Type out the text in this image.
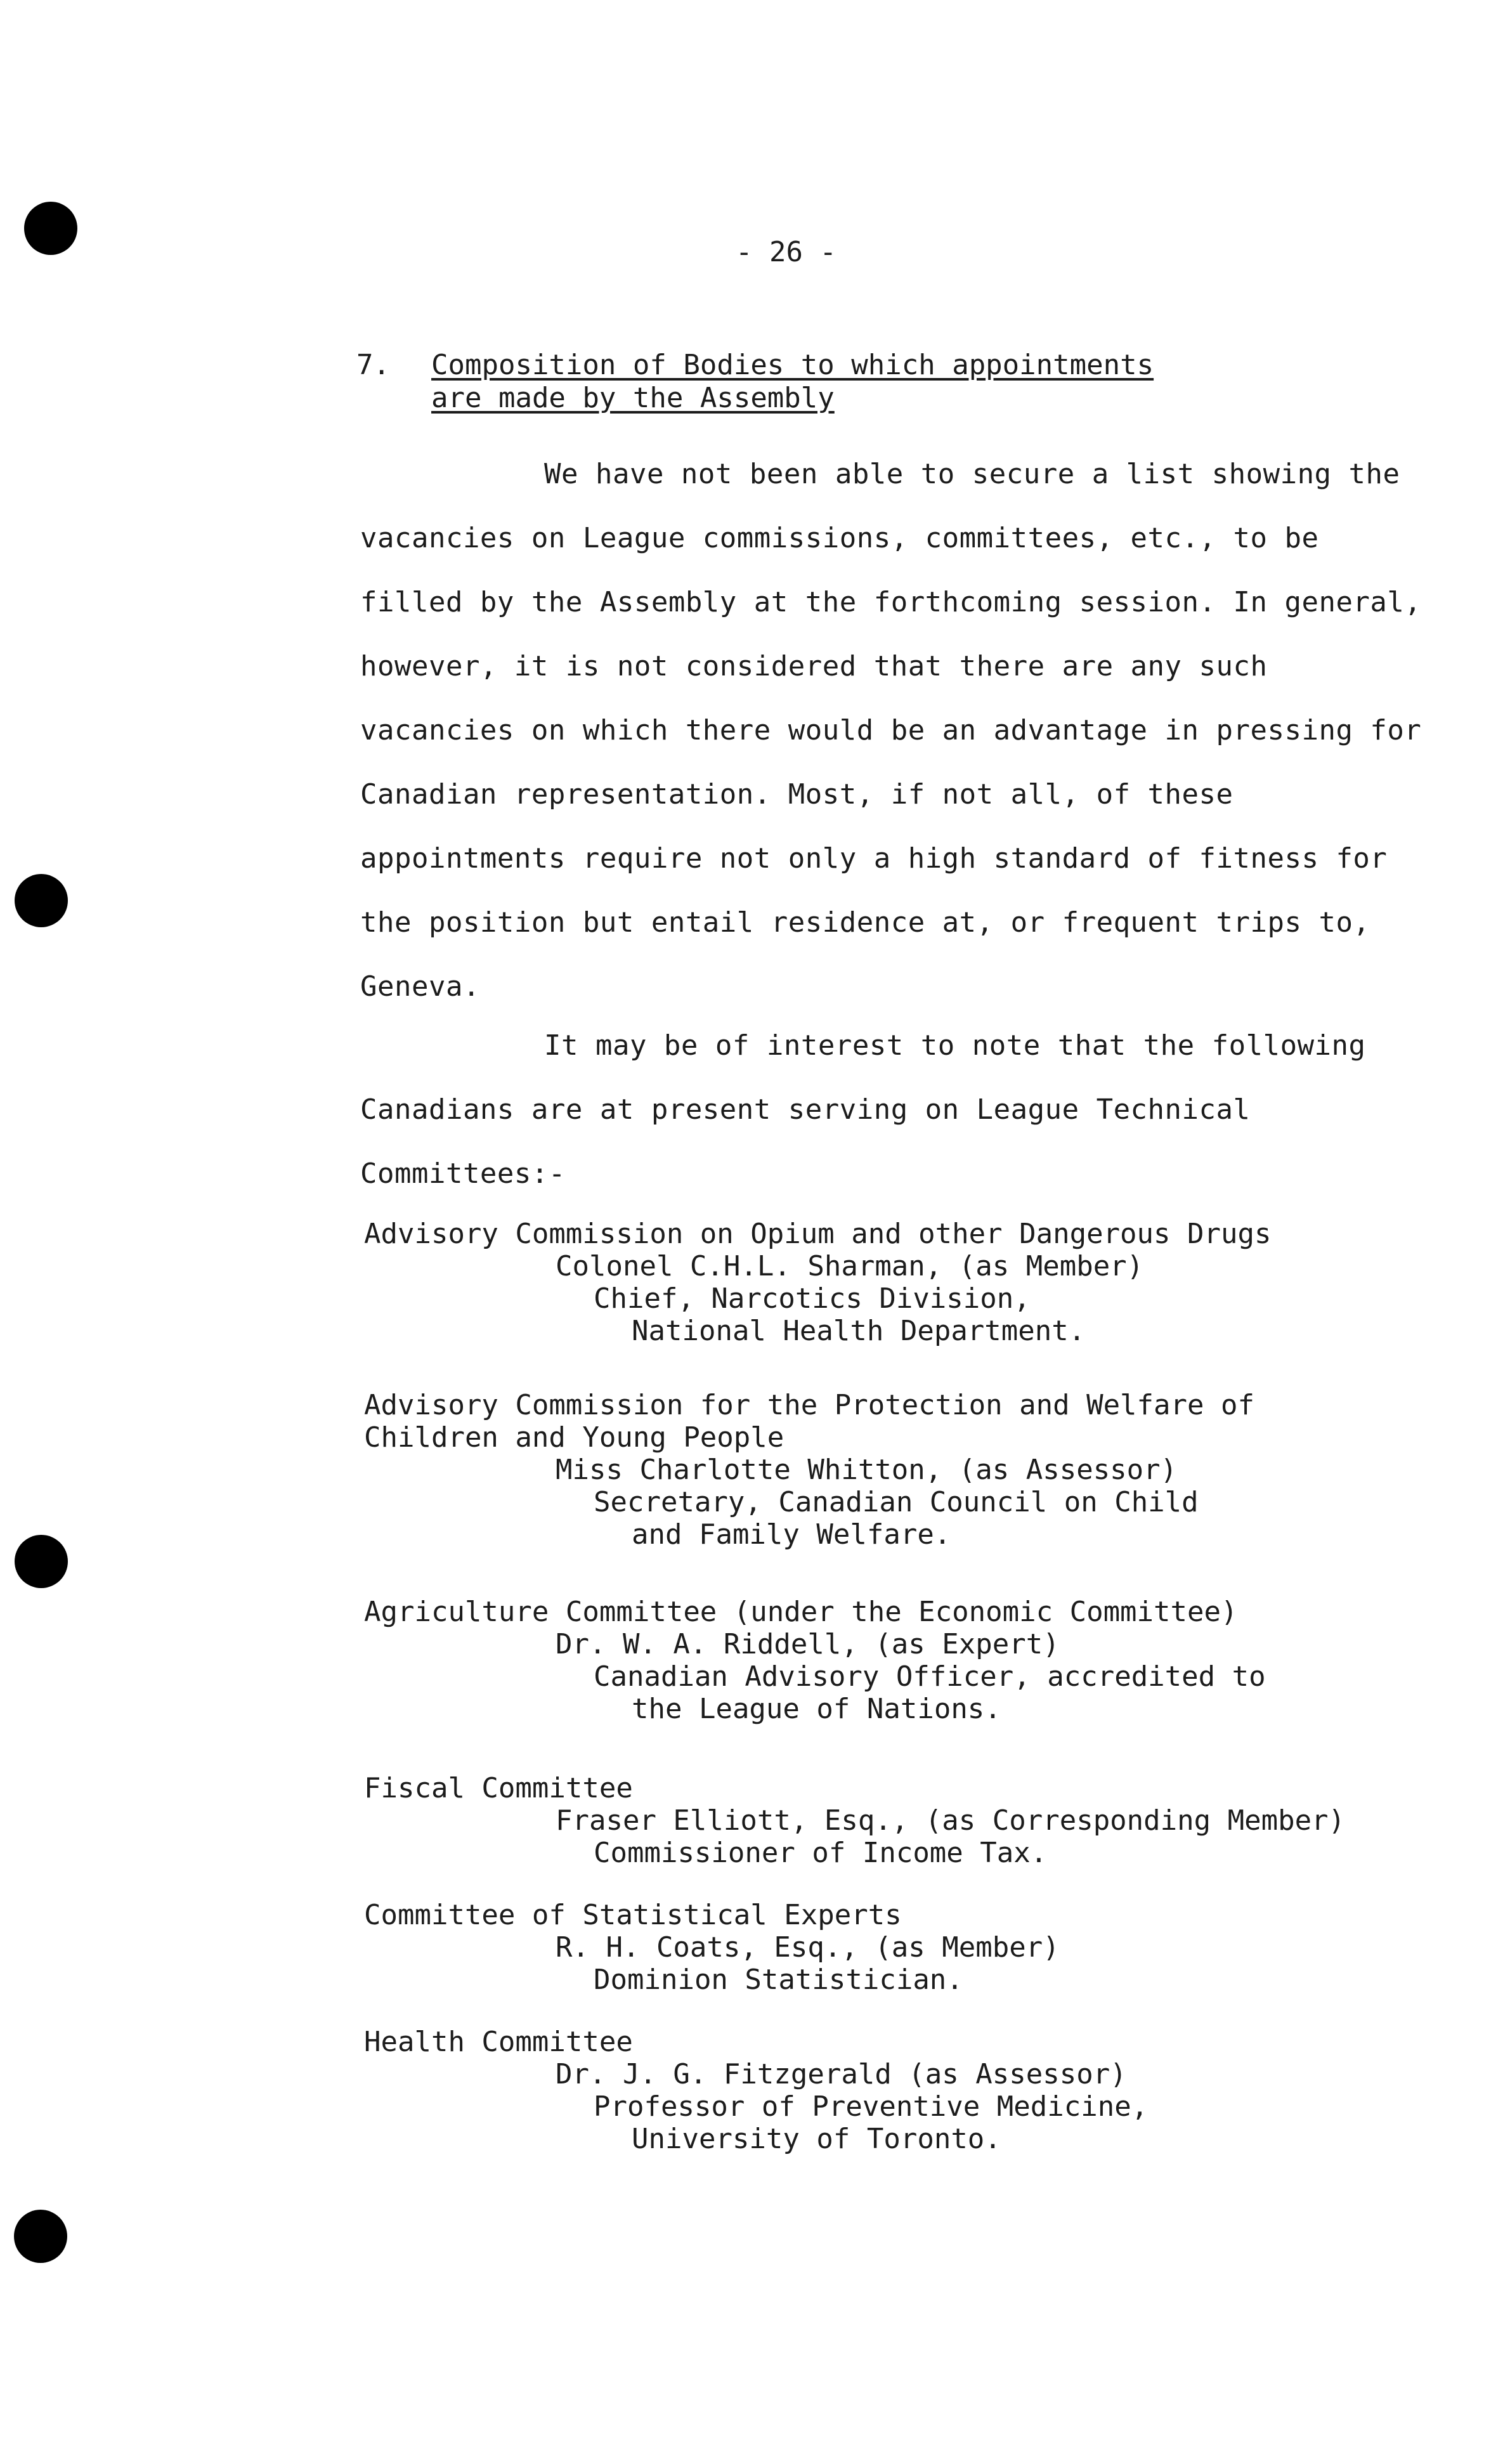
- 26 -
7. Composition of Bodies to which appointments
are made by the Assembly
We have not been able to secure a list showing the vacancies on League commissions, committees, etc., to be filled by the Assembly at the forthcoming session. In general, however, it is not considered that there are any such vacancies on which there would be an advantage in pressing for Canadian representation. Most, if not all, of these appointments require not only a high standard of fitness for the position but entail residence at, or frequent trips to, Geneva.
It may be of interest to note that the following Canadians are at present serving on League Technical Committees:-
Advisory Commission on Opium and other Dangerous Drugs
Colonel C.H.L. Sharman, (as Member)
Chief, Narcotics Division,
National Health Department.
Advisory Commission for the Protection and Welfare of
Children and Young People
Miss Charlotte Whitton, (as Assessor)
Secretary, Canadian Council on Child
and Family Welfare.
Agriculture Committee (under the Economic Committee)
Dr. W. A. Riddell, (as Expert)
Canadian Advisory Officer, accredited to
the League of Nations.
Fiscal Committee
Fraser Elliott, Esq., (as Corresponding Member)
Commissioner of Income Tax.
Committee of Statistical Experts
R. H. Coats, Esq., (as Member)
Dominion Statistician.
Health Committee
Dr. J. G. Fitzgerald (as Assessor)
Professor of Preventive Medicine,
University of Toronto.
